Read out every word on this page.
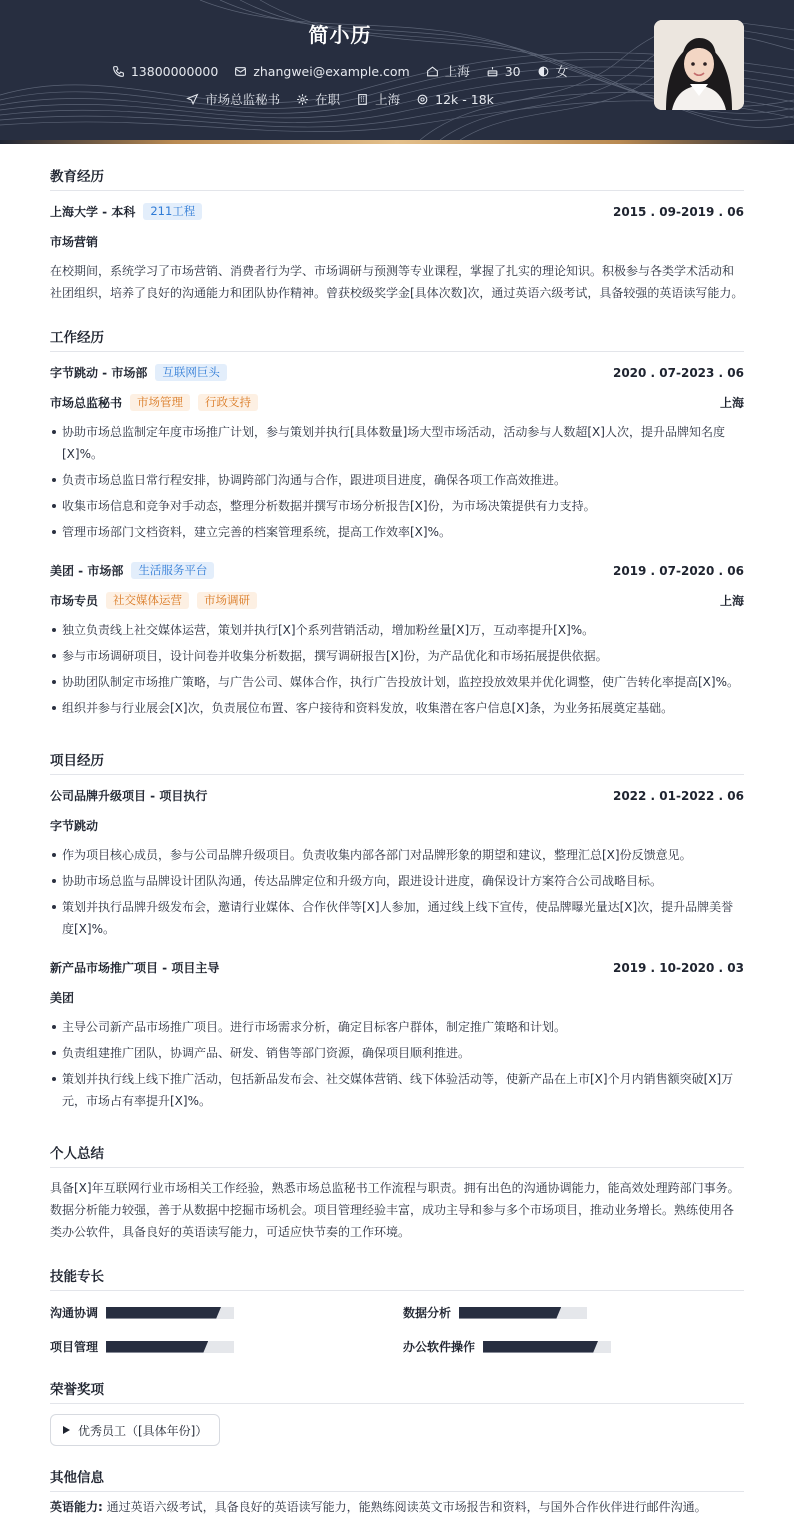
简小历
13800000000	zhangwei@example.com	上海	30	女
市场总监秘书	在职	上海	12k - 18k
教育经历
上海大学 - 本科	211工程	2015 . 09-2019 . 06
市场营销
在校期间，系统学习了市场营销、消费者行为学、市场调研与预测等专业课程，掌握了扎实的理论知识。积极参与各类学术活动和社团组织，培养了良好的沟通能力和团队协作精神。曾获校级奖学金[具体次数]次，通过英语六级考试，具备较强的英语读写能力。
工作经历
字节跳动 - 市场部	互联网巨头	2020 . 07-2023 . 06
市场总监秘书	市场管理	行政支持	上海
协助市场总监制定年度市场推广计划，参与策划并执行[具体数量]场大型市场活动，活动参与人数超[X]人次，提升品牌知名度[X]%。
负责市场总监日常行程安排，协调跨部门沟通与合作，跟进项目进度，确保各项工作高效推进。
收集市场信息和竞争对手动态，整理分析数据并撰写市场分析报告[X]份，为市场决策提供有力支持。
管理市场部门文档资料，建立完善的档案管理系统，提高工作效率[X]%。
美团 - 市场部	生活服务平台	2019 . 07-2020 . 06
市场专员	社交媒体运营	市场调研	上海
独立负责线上社交媒体运营，策划并执行[X]个系列营销活动，增加粉丝量[X]万，互动率提升[X]%。
参与市场调研项目，设计问卷并收集分析数据，撰写调研报告[X]份，为产品优化和市场拓展提供依据。
协助团队制定市场推广策略，与广告公司、媒体合作，执行广告投放计划，监控投放效果并优化调整，使广告转化率提高[X]%。
组织并参与行业展会[X]次，负责展位布置、客户接待和资料发放，收集潜在客户信息[X]条，为业务拓展奠定基础。
项目经历
公司品牌升级项目 - 项目执行	2022 . 01-2022 . 06
字节跳动
作为项目核心成员，参与公司品牌升级项目。负责收集内部各部门对品牌形象的期望和建议，整理汇总[X]份反馈意见。
协助市场总监与品牌设计团队沟通，传达品牌定位和升级方向，跟进设计进度，确保设计方案符合公司战略目标。
策划并执行品牌升级发布会，邀请行业媒体、合作伙伴等[X]人参加，通过线上线下宣传，使品牌曝光量达[X]次，提升品牌美誉度[X]%。
新产品市场推广项目 - 项目主导	2019 . 10-2020 . 03
美团
主导公司新产品市场推广项目。进行市场需求分析，确定目标客户群体，制定推广策略和计划。
负责组建推广团队，协调产品、研发、销售等部门资源，确保项目顺利推进。
策划并执行线上线下推广活动，包括新品发布会、社交媒体营销、线下体验活动等，使新产品在上市[X]个月内销售额突破[X]万元，市场占有率提升[X]%。
个人总结
具备[X]年互联网行业市场相关工作经验，熟悉市场总监秘书工作流程与职责。拥有出色的沟通协调能力，能高效处理跨部门事务。数据分析能力较强，善于从数据中挖掘市场机会。项目管理经验丰富，成功主导和参与多个市场项目，推动业务增长。熟练使用各类办公软件，具备良好的英语读写能力，可适应快节奏的工作环境。
技能专长
沟通协调	数据分析
项目管理	办公软件操作
荣誉奖项
优秀员工（[具体年份]）
其他信息
英语能力: 通过英语六级考试，具备良好的英语读写能力，能熟练阅读英文市场报告和资料，与国外合作伙伴进行邮件沟通。
